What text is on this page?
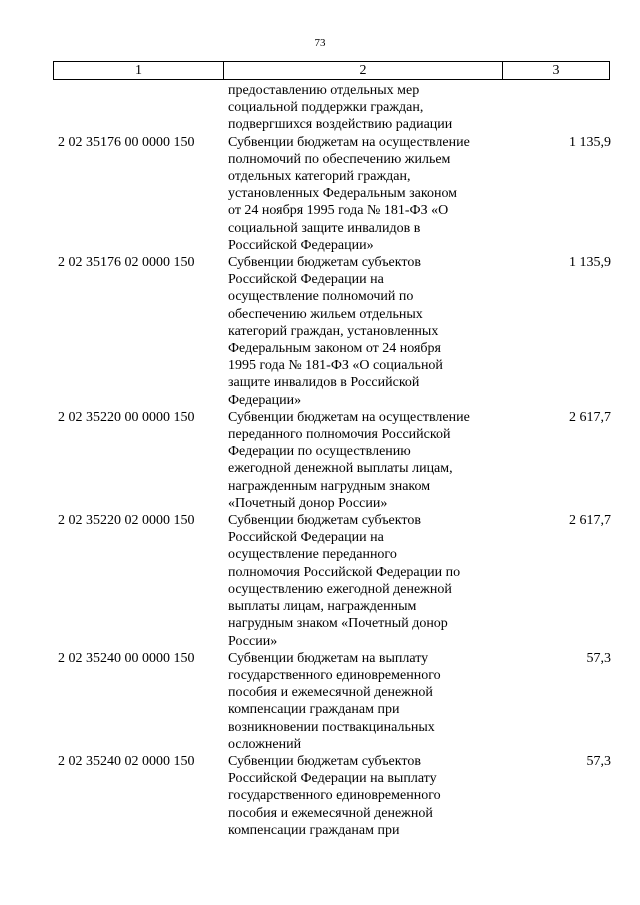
73
1	2	3
предоставлению отдельных мер
социальной поддержки граждан,
подвергшихся воздействию радиации
2 02 35176 00 0000 150	Субвенции бюджетам на осуществление
полномочий по обеспечению жильем
отдельных категорий граждан,
установленных Федеральным законом
от 24 ноября 1995 года № 181-ФЗ «О
социальной защите инвалидов в
Российской Федерации»
1 135,9
2 02 35176 02 0000 150	Субвенции бюджетам субъектов
Российской Федерации на
осуществление полномочий по
обеспечению жильем отдельных
категорий граждан, установленных
Федеральным законом от 24 ноября
1995 года № 181-ФЗ «О социальной
защите инвалидов в Российской
Федерации»
1 135,9
2 02 35220 00 0000 150	Субвенции бюджетам на осуществление
переданного полномочия Российской
Федерации по осуществлению
ежегодной денежной выплаты лицам,
награжденным нагрудным знаком
«Почетный донор России»
2 617,7
2 02 35220 02 0000 150	Субвенции бюджетам субъектов
Российской Федерации на
осуществление переданного
полномочия Российской Федерации по
осуществлению ежегодной денежной
выплаты лицам, награжденным
нагрудным знаком «Почетный донор
России»
2 617,7
2 02 35240 00 0000 150	Субвенции бюджетам на выплату
государственного единовременного
пособия и ежемесячной денежной
компенсации гражданам при
возникновении поствакцинальных
осложнений
57,3
2 02 35240 02 0000 150	Субвенции бюджетам субъектов
Российской Федерации на выплату
государственного единовременного
пособия и ежемесячной денежной
компенсации гражданам при
57,3
